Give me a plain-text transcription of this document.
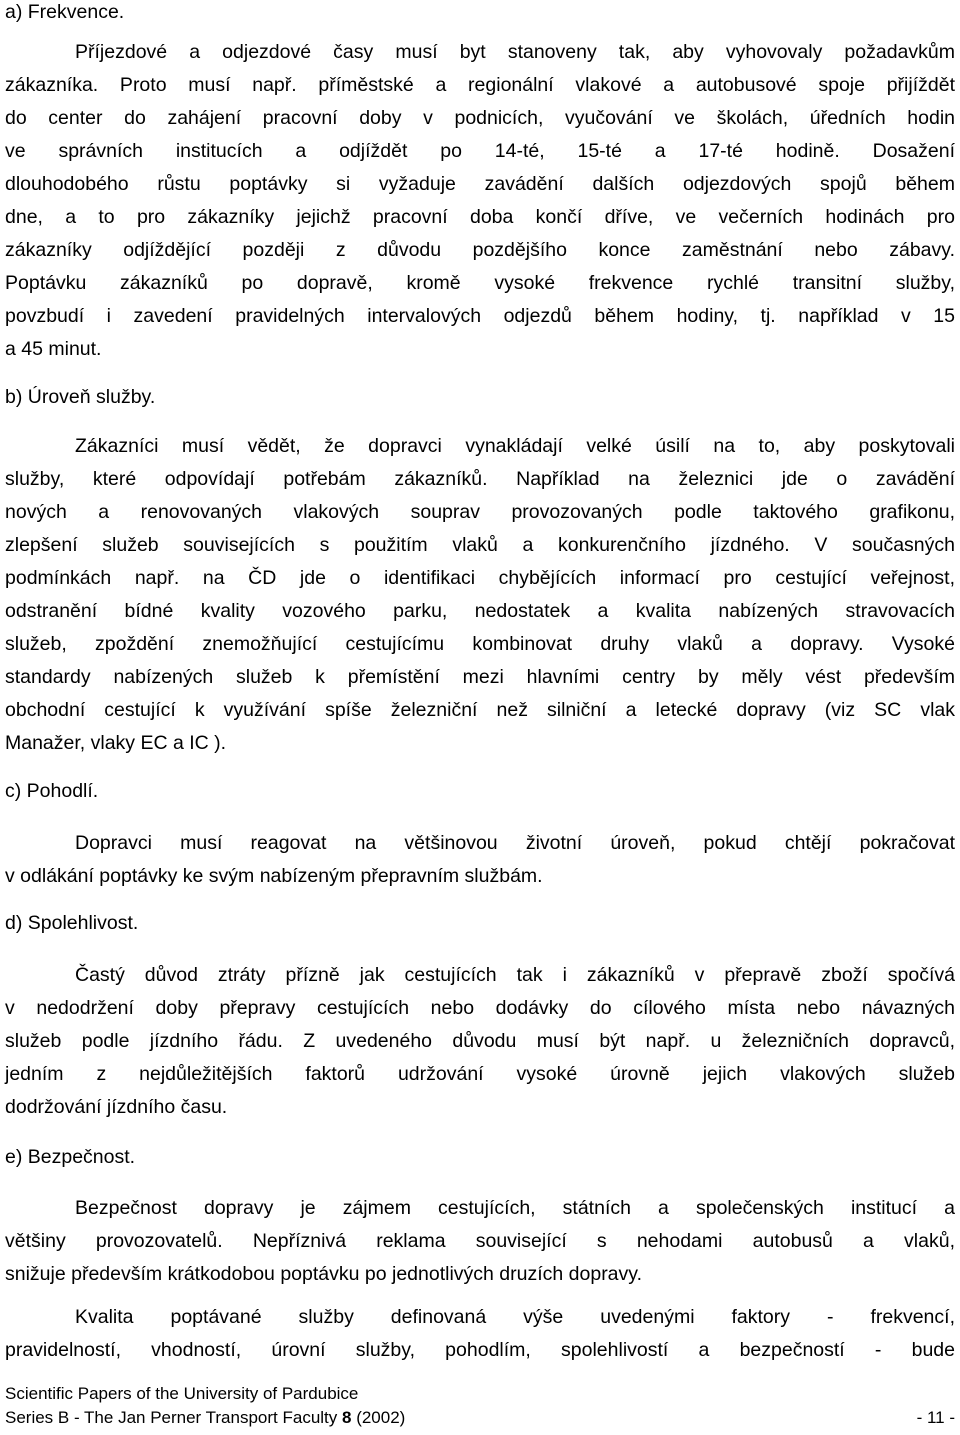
a) Frekvence.
Příjezdové a odjezdové časy musí byt stanoveny tak, aby vyhovovaly požadavkům
zákazníka. Proto musí např. příměstské a regionální vlakové a autobusové spoje přijíždět
do center do zahájení pracovní doby v podnicích, vyučování ve školách, úředních hodin
ve správních institucích a odjíždět po 14-té, 15-té a 17-té hodině. Dosažení
dlouhodobého růstu poptávky si vyžaduje zavádění dalších odjezdových spojů během
dne, a to pro zákazníky jejichž pracovní doba končí dříve, ve večerních hodinách pro
zákazníky odjíždějící později z důvodu pozdějšího konce zaměstnání nebo zábavy.
Poptávku zákazníků po dopravě, kromě vysoké frekvence rychlé transitní služby,
povzbudí i zavedení pravidelných intervalových odjezdů během hodiny, tj. například v 15
a 45 minut.
b) Úroveň služby.
Zákazníci musí vědět, že dopravci vynakládají velké úsilí na to, aby poskytovali
služby, které odpovídají potřebám zákazníků. Například na železnici jde o zavádění
nových a renovovaných vlakových souprav provozovaných podle taktového grafikonu,
zlepšení služeb souvisejících s použitím vlaků a konkurenčního jízdného. V současných
podmínkách např. na ČD jde o identifikaci chybějících informací pro cestující veřejnost,
odstranění bídné kvality vozového parku, nedostatek a kvalita nabízených stravovacích
služeb, zpoždění znemožňující cestujícímu kombinovat druhy vlaků a dopravy. Vysoké
standardy nabízených služeb k přemístění mezi hlavními centry by měly vést především
obchodní cestující k využívání spíše železniční než silniční a letecké dopravy (viz SC vlak
Manažer, vlaky EC a IC ).
c) Pohodlí.
Dopravci musí reagovat na většinovou životní úroveň, pokud chtějí pokračovat
v odlákání poptávky ke svým nabízeným přepravním službám.
d) Spolehlivost.
Častý důvod ztráty přízně jak cestujících tak i zákazníků v přepravě zboží spočívá
v nedodržení doby přepravy cestujících nebo dodávky do cílového místa nebo návazných
služeb podle jízdního řádu. Z uvedeného důvodu musí být např. u železničních dopravců,
jedním z nejdůležitějších faktorů udržování vysoké úrovně jejich vlakových služeb
dodržování jízdního času.
e) Bezpečnost.
Bezpečnost dopravy je zájmem cestujících, státních a společenských institucí a
většiny provozovatelů. Nepříznivá reklama související s nehodami autobusů a vlaků,
snižuje především krátkodobou poptávku po jednotlivých druzích dopravy.
Kvalita poptávané služby definovaná výše uvedenými faktory - frekvencí,
pravidelností, vhodností, úrovní služby, pohodlím, spolehlivostí a bezpečností - bude
Scientific Papers of the University of Pardubice
Series B - The Jan Perner Transport Faculty 8 (2002)	- 11 -
